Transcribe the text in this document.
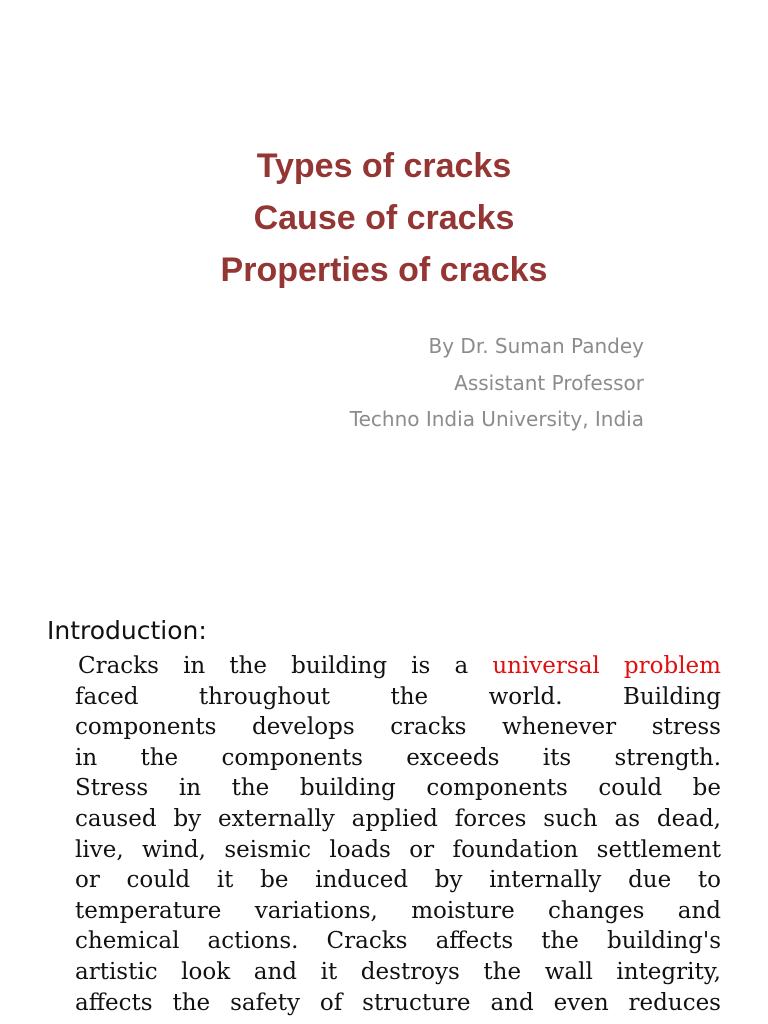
Types of cracks
Cause of cracks
Properties of cracks
By Dr. Suman Pandey
Assistant Professor
Techno India University, India
Introduction:
Cracks in the building is a universal problem
faced throughout the world. Building
components develops cracks whenever stress
in the components exceeds its strength.
Stress in the building components could be
caused by externally applied forces such as dead,
live, wind, seismic loads or foundation settlement
or could it be induced by internally due to
temperature variations, moisture changes and
chemical actions. Cracks affects the building's
artistic look and it destroys the wall integrity,
affects the safety of structure and even reduces
